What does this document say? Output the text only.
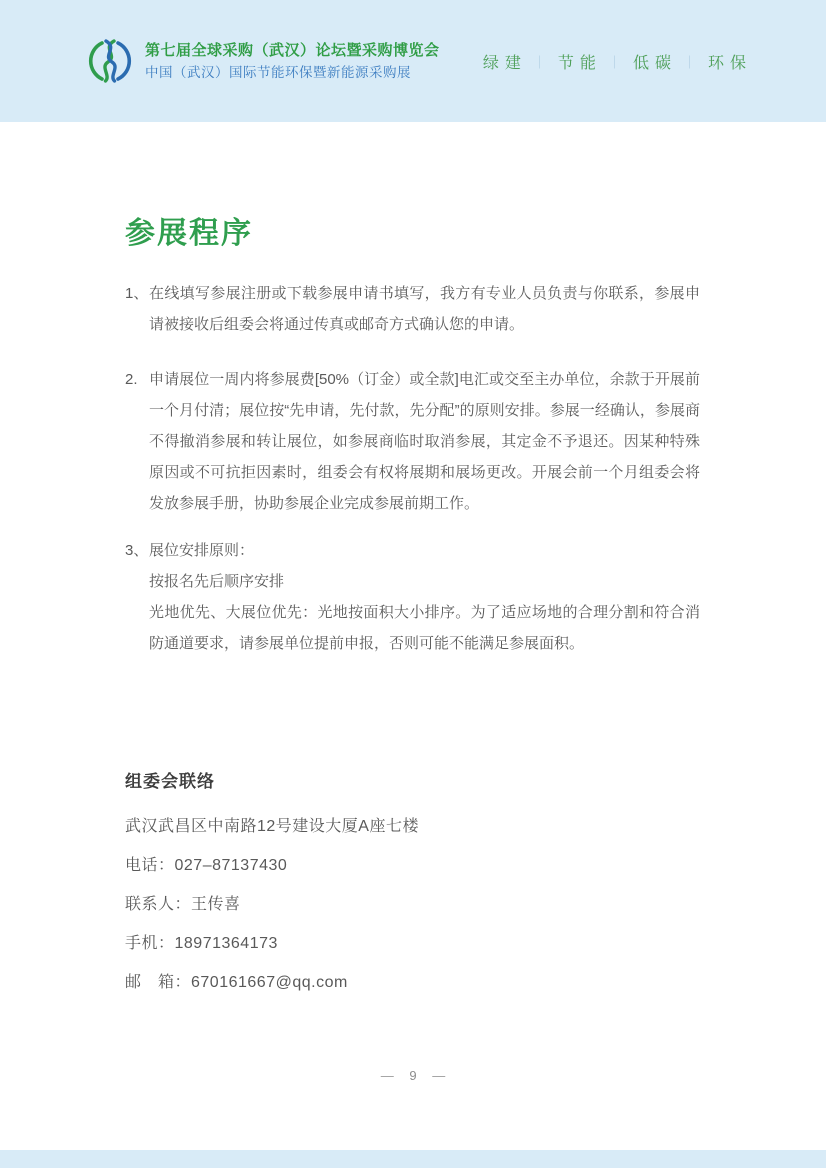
第七届全球采购（武汉）论坛暨采购博览会
中国（武汉）国际节能环保暨新能源采购展
绿建 ｜ 节能 ｜ 低碳 ｜ 环保
参展程序
1、 在线填写参展注册或下载参展申请书填写，我方有专业人员负责与你联系，参展申请被接收后组委会将通过传真或邮奇方式确认您的申请。
2. 申请展位一周内将参展费[50%（订金）或全款]电汇或交至主办单位，余款于开展前一个月付清；展位按“先申请，先付款，先分配”的原则安排。参展一经确认，参展商不得撤消参展和转让展位，如参展商临时取消参展，其定金不予退还。因某种特殊原因或不可抗拒因素时，组委会有权将展期和展场更改。开展会前一个月组委会将发放参展手册，协助参展企业完成参展前期工作。
3、 展位安排原则：
按报名先后顺序安排
光地优先、大展位优先：光地按面积大小排序。为了适应场地的合理分割和符合消防通道要求，请参展单位提前申报，否则可能不能满足参展面积。
组委会联络
武汉武昌区中南路12号建设大厦A座七楼
电话：027–87137430
联系人：王传喜
手机：18971364173
邮　箱：670161667@qq.com
— 9 —
